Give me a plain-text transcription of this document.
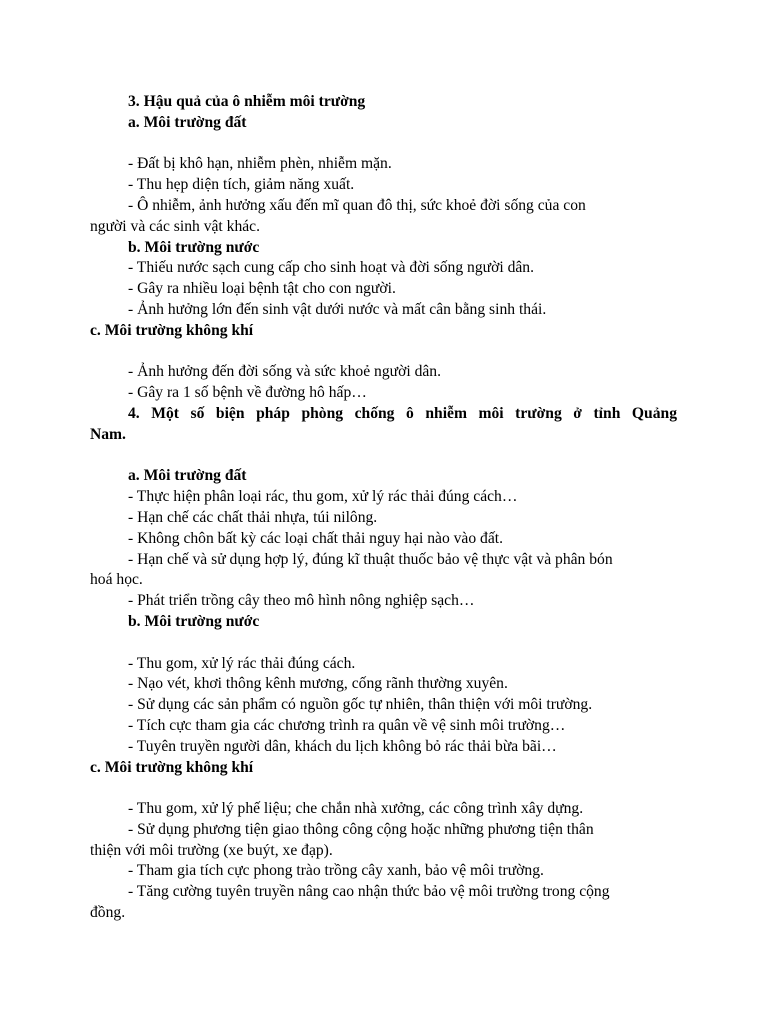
3. Hậu quả của ô nhiễm môi trường
a. Môi trường đất
- Đất bị khô hạn, nhiễm phèn, nhiễm mặn.
- Thu hẹp diện tích, giảm năng xuất.
- Ô nhiễm, ảnh hưởng xấu đến mĩ quan đô thị, sức khoẻ đời sống của con
người và các sinh vật khác.
b. Môi trường nước
- Thiếu nước sạch cung cấp cho sinh hoạt và đời sống người dân.
- Gây ra nhiều loại bệnh tật cho con người.
- Ảnh hưởng lớn đến sinh vật dưới nước và mất cân bằng sinh thái.
c. Môi trường không khí
- Ảnh hưởng đến đời sống và sức khoẻ người dân.
- Gây ra 1 số bệnh về đường hô hấp…
4. Một số biện pháp phòng chống ô nhiễm môi trường ở tỉnh Quảng
Nam.
a. Môi trường đất
- Thực hiện phân loại rác, thu gom, xử lý rác thải đúng cách…
- Hạn chế các chất thải nhựa, túi nilông.
- Không chôn bất kỳ các loại chất thải nguy hại nào vào đất.
- Hạn chế và sử dụng hợp lý, đúng kĩ thuật thuốc bảo vệ thực vật và phân bón
hoá học.
- Phát triển trồng cây theo mô hình nông nghiệp sạch…
b. Môi trường nước
- Thu gom, xử lý rác thải đúng cách.
- Nạo vét, khơi thông kênh mương, cống rãnh thường xuyên.
- Sử dụng các sản phẩm có nguồn gốc tự nhiên, thân thiện với môi trường.
- Tích cực tham gia các chương trình ra quân về vệ sinh môi trường…
- Tuyên truyền người dân, khách du lịch không bỏ rác thải bừa bãi…
c. Môi trường không khí
- Thu gom, xử lý phế liệu; che chắn nhà xưởng, các công trình xây dựng.
- Sử dụng phương tiện giao thông công cộng hoặc những phương tiện thân
thiện với môi trường (xe buýt, xe đạp).
- Tham gia tích cực phong trào trồng cây xanh, bảo vệ môi trường.
- Tăng cường tuyên truyền nâng cao nhận thức bảo vệ môi trường trong cộng
đồng.
